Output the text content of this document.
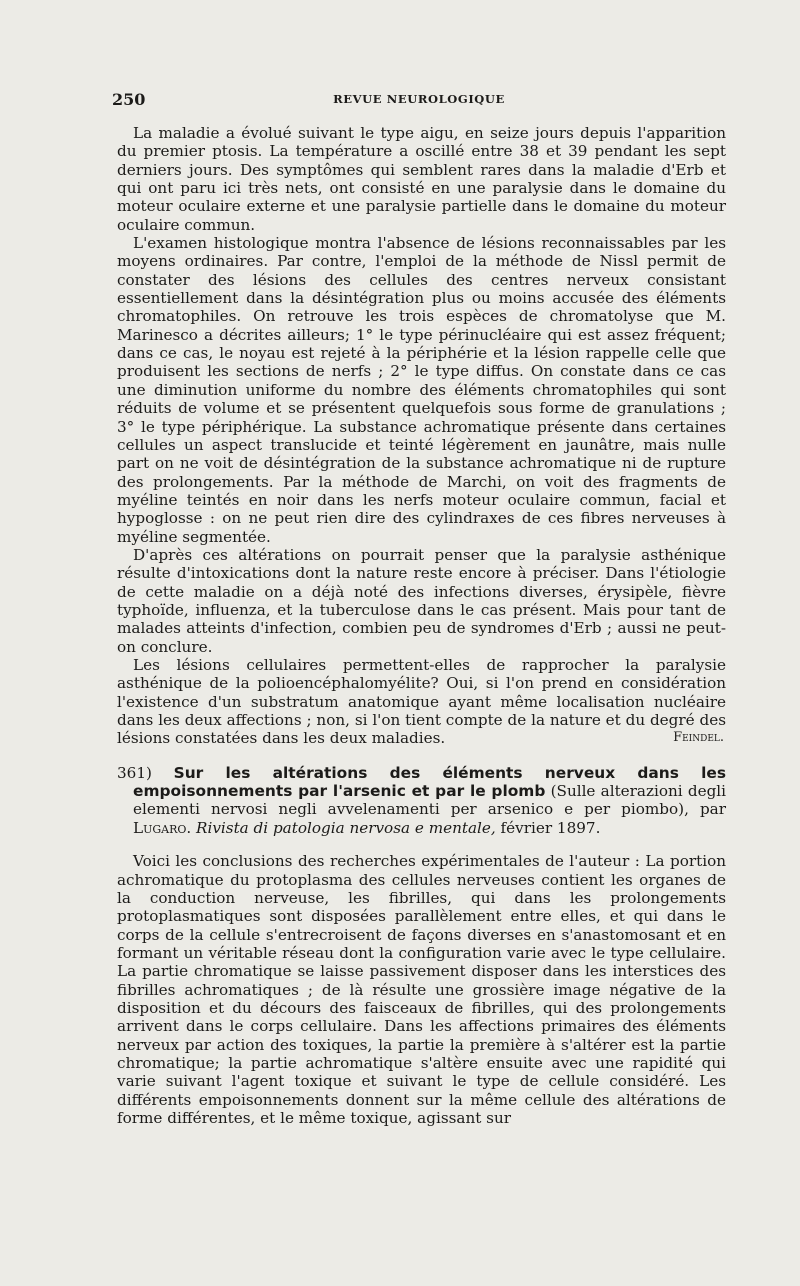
250	REVUE NEUROLOGIQUE

La maladie a évolué suivant le type aigu, en seize jours depuis l'apparition du premier ptosis. La température a oscillé entre 38 et 39 pendant les sept derniers jours. Des symptômes qui semblent rares dans la maladie d'Erb et qui ont paru ici très nets, ont consisté en une paralysie dans le domaine du moteur oculaire externe et une paralysie partielle dans le domaine du moteur oculaire commun.

L'examen histologique montra l'absence de lésions reconnaissables par les moyens ordinaires. Par contre, l'emploi de la méthode de Nissl permit de constater des lésions des cellules des centres nerveux consistant essentiellement dans la désintégration plus ou moins accusée des éléments chromatophiles. On retrouve les trois espèces de chromatolyse que M. Marinesco a décrites ailleurs; 1° le type périnucléaire qui est assez fréquent; dans ce cas, le noyau est rejeté à la périphérie et la lésion rappelle celle que produisent les sections de nerfs ; 2° le type diffus. On constate dans ce cas une diminution uniforme du nombre des éléments chromatophiles qui sont réduits de volume et se présentent quelquefois sous forme de granulations ; 3° le type périphérique. La substance achromatique présente dans certaines cellules un aspect translucide et teinté légèrement en jaunâtre, mais nulle part on ne voit de désintégration de la substance achromatique ni de rupture des prolongements. Par la méthode de Marchi, on voit des fragments de myéline teintés en noir dans les nerfs moteur oculaire commun, facial et hypoglosse : on ne peut rien dire des cylindraxes de ces fibres nerveuses à myéline segmentée.

D'après ces altérations on pourrait penser que la paralysie asthénique résulte d'intoxications dont la nature reste encore à préciser. Dans l'étiologie de cette maladie on a déjà noté des infections diverses, érysipèle, fièvre typhoïde, influenza, et la tuberculose dans le cas présent. Mais pour tant de malades atteints d'infection, combien peu de syndromes d'Erb ; aussi ne peut-on conclure.

Les lésions cellulaires permettent-elles de rapprocher la paralysie asthénique de la polioencéphalomyélite? Oui, si l'on prend en considération l'existence d'un substratum anatomique ayant même localisation nucléaire dans les deux affections ; non, si l'on tient compte de la nature et du degré des lésions constatées dans les deux maladies.	Feindel.

361) Sur les altérations des éléments nerveux dans les empoisonnements par l'arsenic et par le plomb (Sulle alterazioni degli elementi nervosi negli avvelenamenti per arsenico e per piombo), par Lugaro. Rivista di patologia nervosa e mentale, février 1897.

Voici les conclusions des recherches expérimentales de l'auteur : La portion achromatique du protoplasma des cellules nerveuses contient les organes de la conduction nerveuse, les fibrilles, qui dans les prolongements protoplasmatiques sont disposées parallèlement entre elles, et qui dans le corps de la cellule s'entrecroisent de façons diverses en s'anastomosant et en formant un véritable réseau dont la configuration varie avec le type cellulaire. La partie chromatique se laisse passivement disposer dans les interstices des fibrilles achromatiques ; de là résulte une grossière image négative de la disposition et du décours des faisceaux de fibrilles, qui des prolongements arrivent dans le corps cellulaire. Dans les affections primaires des éléments nerveux par action des toxiques, la partie la première à s'altérer est la partie chromatique; la partie achromatique s'altère ensuite avec une rapidité qui varie suivant l'agent toxique et suivant le type de cellule considéré. Les différents empoisonnements donnent sur la même cellule des altérations de forme différentes, et le même toxique, agissant sur
